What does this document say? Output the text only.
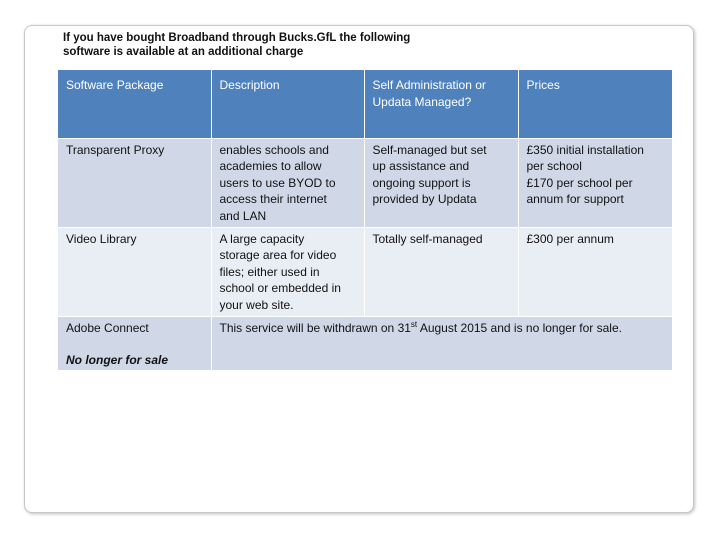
If you have bought Broadband through Bucks.GfL the following
software is available at an additional charge
Software Package	Description	Self Administration or
Updata Managed?	Prices
Transparent Proxy	enables schools and
academies to allow
users to use BYOD to
access their internet
and LAN	Self-managed but set
up assistance and
ongoing support is
provided by Updata	£350 initial installation
per school
£170 per school per
annum for support

Video Library	A large capacity
storage area for video
files; either used in
school or embedded in
your web site.	Totally self-managed	£300 per annum

Adobe Connect
No longer for sale	This service will be withdrawn on 31st August 2015 and is no longer for sale.		
